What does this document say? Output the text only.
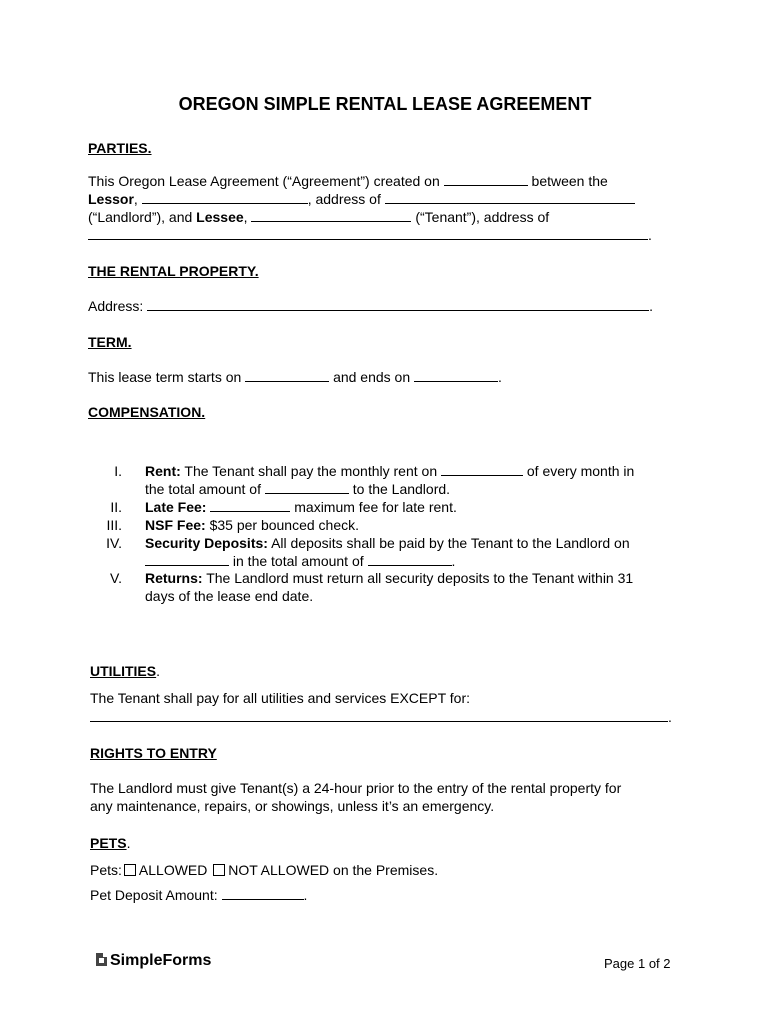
OREGON SIMPLE RENTAL LEASE AGREEMENT
PARTIES.
This Oregon Lease Agreement (“Agreement”) created on	between the
Lessor,	, address of
(“Landlord”), and Lessee,	(“Tenant”), address of
.
THE RENTAL PROPERTY.
Address:	.
TERM.
This lease term starts on	and ends on	.
COMPENSATION.
I. Rent: The Tenant shall pay the monthly rent on	of every month in
the total amount of	to the Landlord.
II. Late Fee:	maximum fee for late rent.
III. NSF Fee: $35 per bounced check.
IV. Security Deposits: All deposits shall be paid by the Tenant to the Landlord on
in the total amount of	.
V. Returns: The Landlord must return all security deposits to the Tenant within 31
days of the lease end date.
UTILITIES.
The Tenant shall pay for all utilities and services EXCEPT for:
.
RIGHTS TO ENTRY
The Landlord must give Tenant(s) a 24-hour prior to the entry of the rental property for
any maintenance, repairs, or showings, unless it’s an emergency.
PETS.
Pets: ALLOWED NOT ALLOWED on the Premises.
Pet Deposit Amount:	.
SimpleForms	Page 1 of 2
